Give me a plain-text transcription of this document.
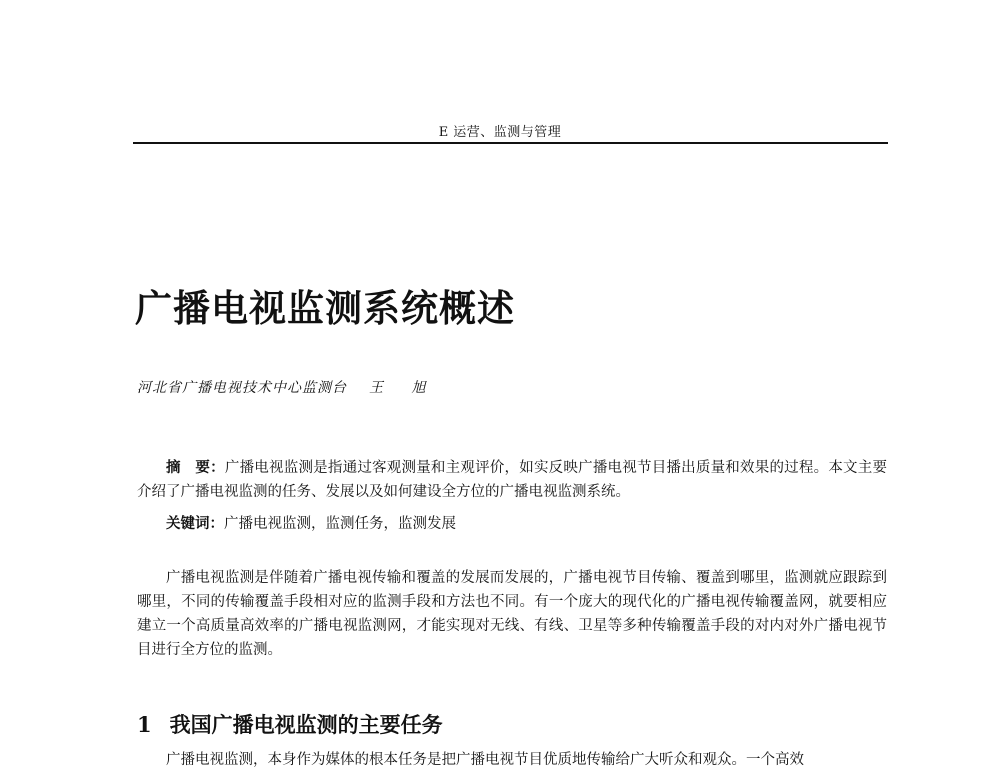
E 运营、监测与管理
广播电视监测系统概述
河北省广播电视技术中心监测台 王 旭

摘　要：广播电视监测是指通过客观测量和主观评价，如实反映广播电视节目播出质量和效果的过程。本文主要介绍了广播电视监测的任务、发展以及如何建设全方位的广播电视监测系统。

关键词：广播电视监测，监测任务，监测发展

广播电视监测是伴随着广播电视传输和覆盖的发展而发展的，广播电视节目传输、覆盖到哪里，监测就应跟踪到哪里，不同的传输覆盖手段相对应的监测手段和方法也不同。有一个庞大的现代化的广播电视传输覆盖网，就要相应建立一个高质量高效率的广播电视监测网，才能实现对无线、有线、卫星等多种传输覆盖手段的对内对外广播电视节目进行全方位的监测。

1 我国广播电视监测的主要任务

广播电视监测，本身作为媒体的根本任务是把广播电视节目优质地传输给广大听众和观众。一个高效
